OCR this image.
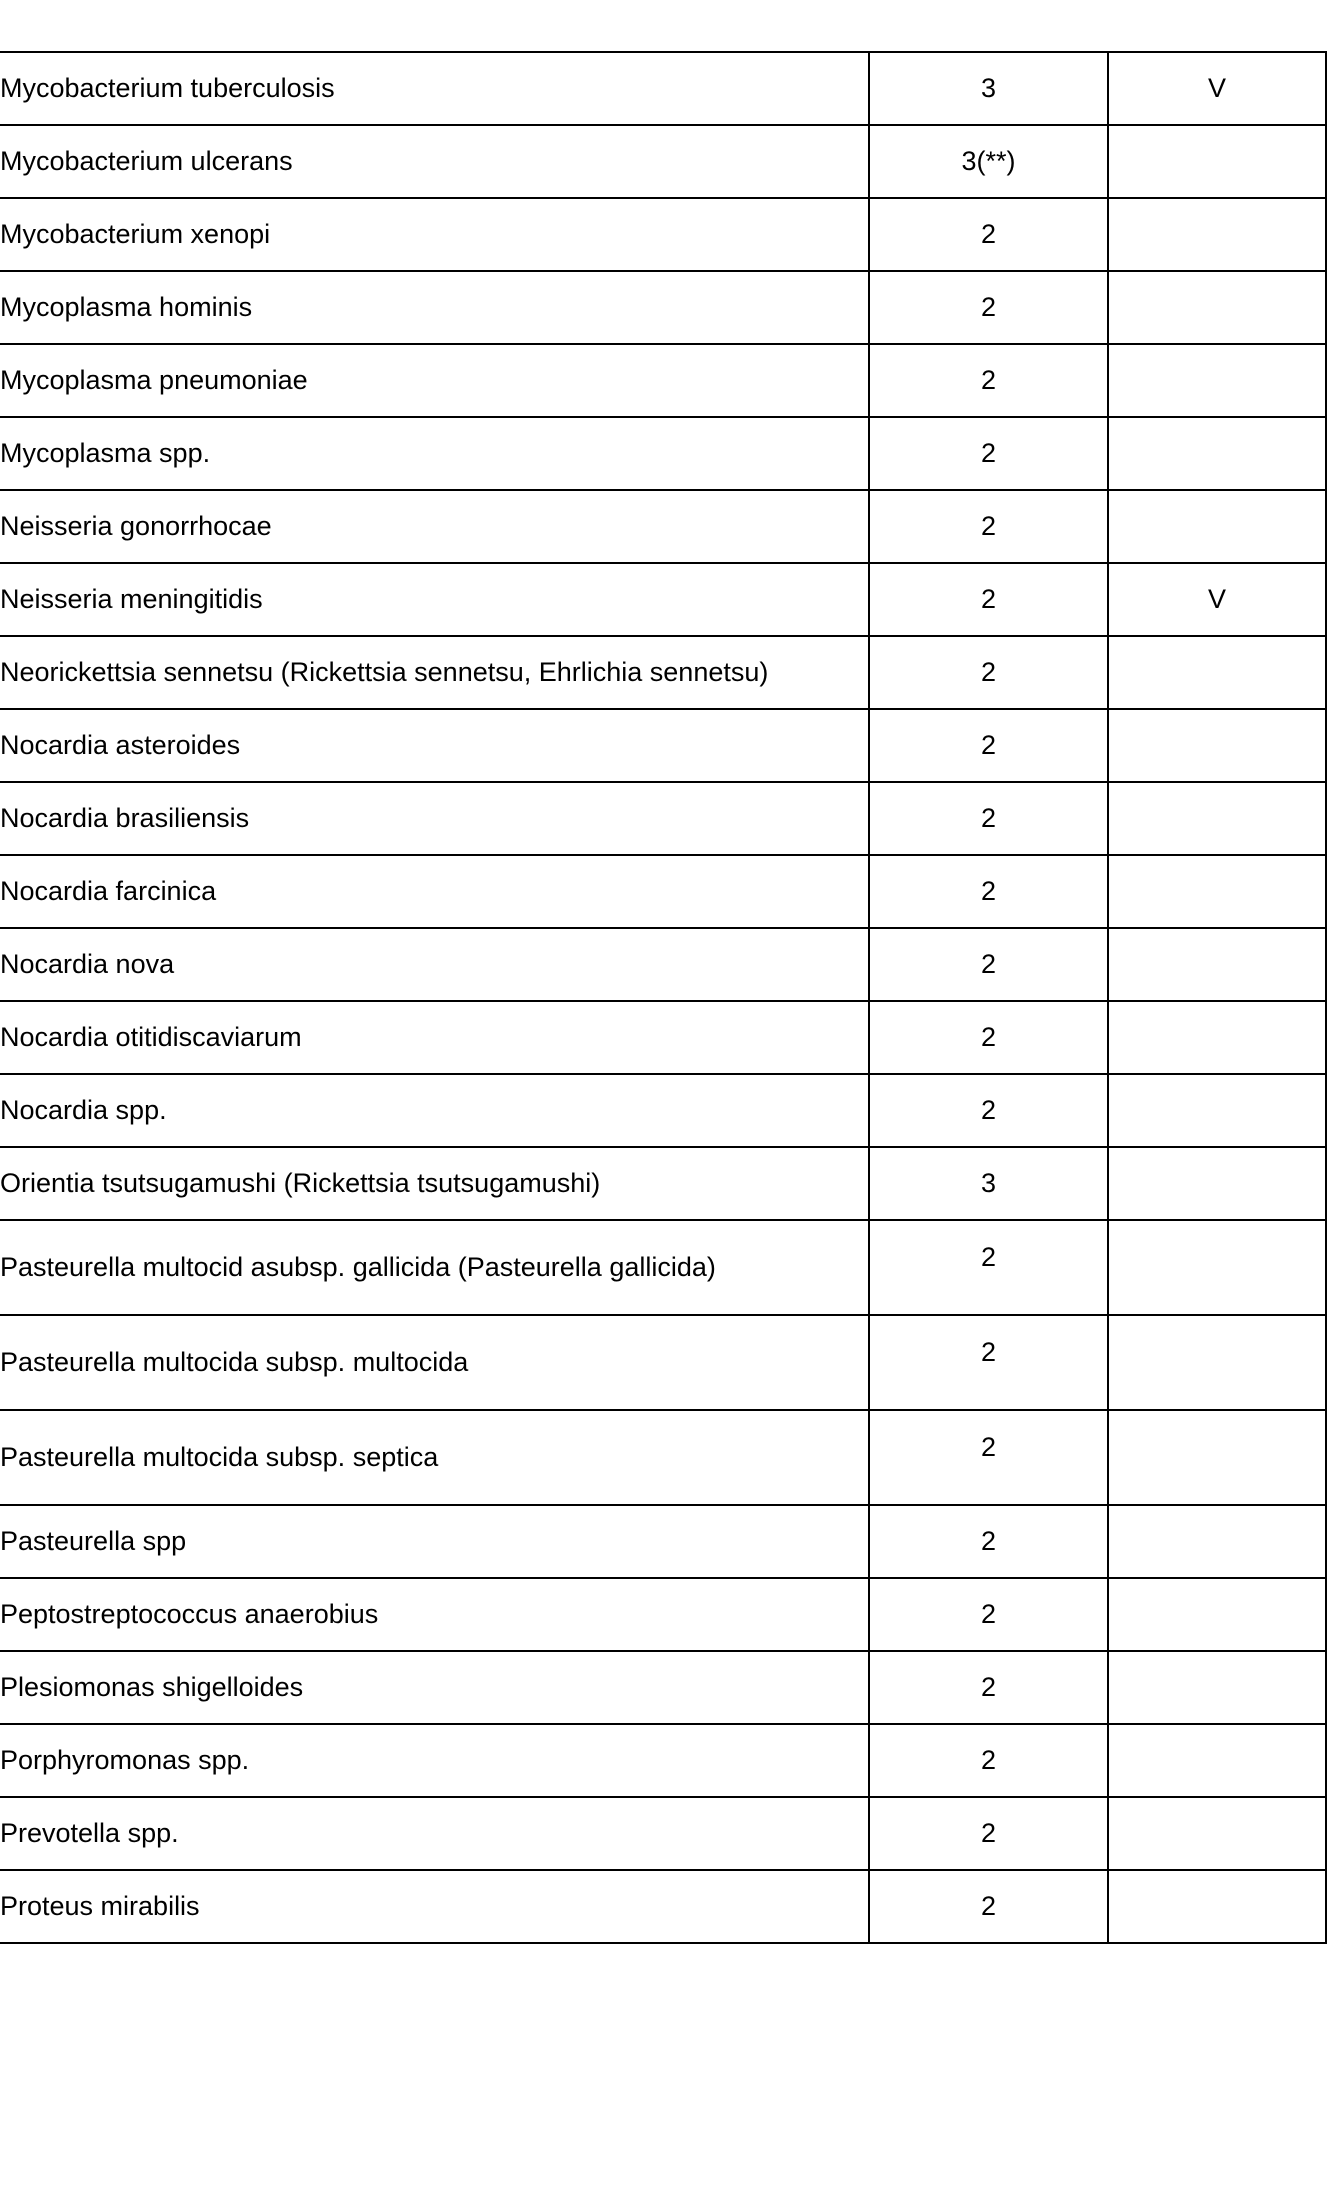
Mycobacterium tuberculosis	3	V
Mycobacterium ulcerans	3(**)	
Mycobacterium xenopi	2	
Mycoplasma hominis	2	
Mycoplasma pneumoniae	2	
Mycoplasma spp.	2	
Neisseria gonorrhocae	2	
Neisseria meningitidis	2	V
Neorickettsia sennetsu (Rickettsia sennetsu, Ehrlichia sennetsu)	2	
Nocardia asteroides	2	
Nocardia brasiliensis	2	
Nocardia farcinica	2	
Nocardia nova	2	
Nocardia otitidiscaviarum	2	
Nocardia spp.	2	
Orientia tsutsugamushi (Rickettsia tsutsugamushi)	3	
Pasteurella multocid asubsp. gallicida (Pasteurella gallicida)	2	
Pasteurella multocida subsp. multocida	2	
Pasteurella multocida subsp. septica	2	
Pasteurella spp	2	
Peptostreptococcus anaerobius	2	
Plesiomonas shigelloides	2	
Porphyromonas spp.	2	
Prevotella spp.	2	
Proteus mirabilis	2	
